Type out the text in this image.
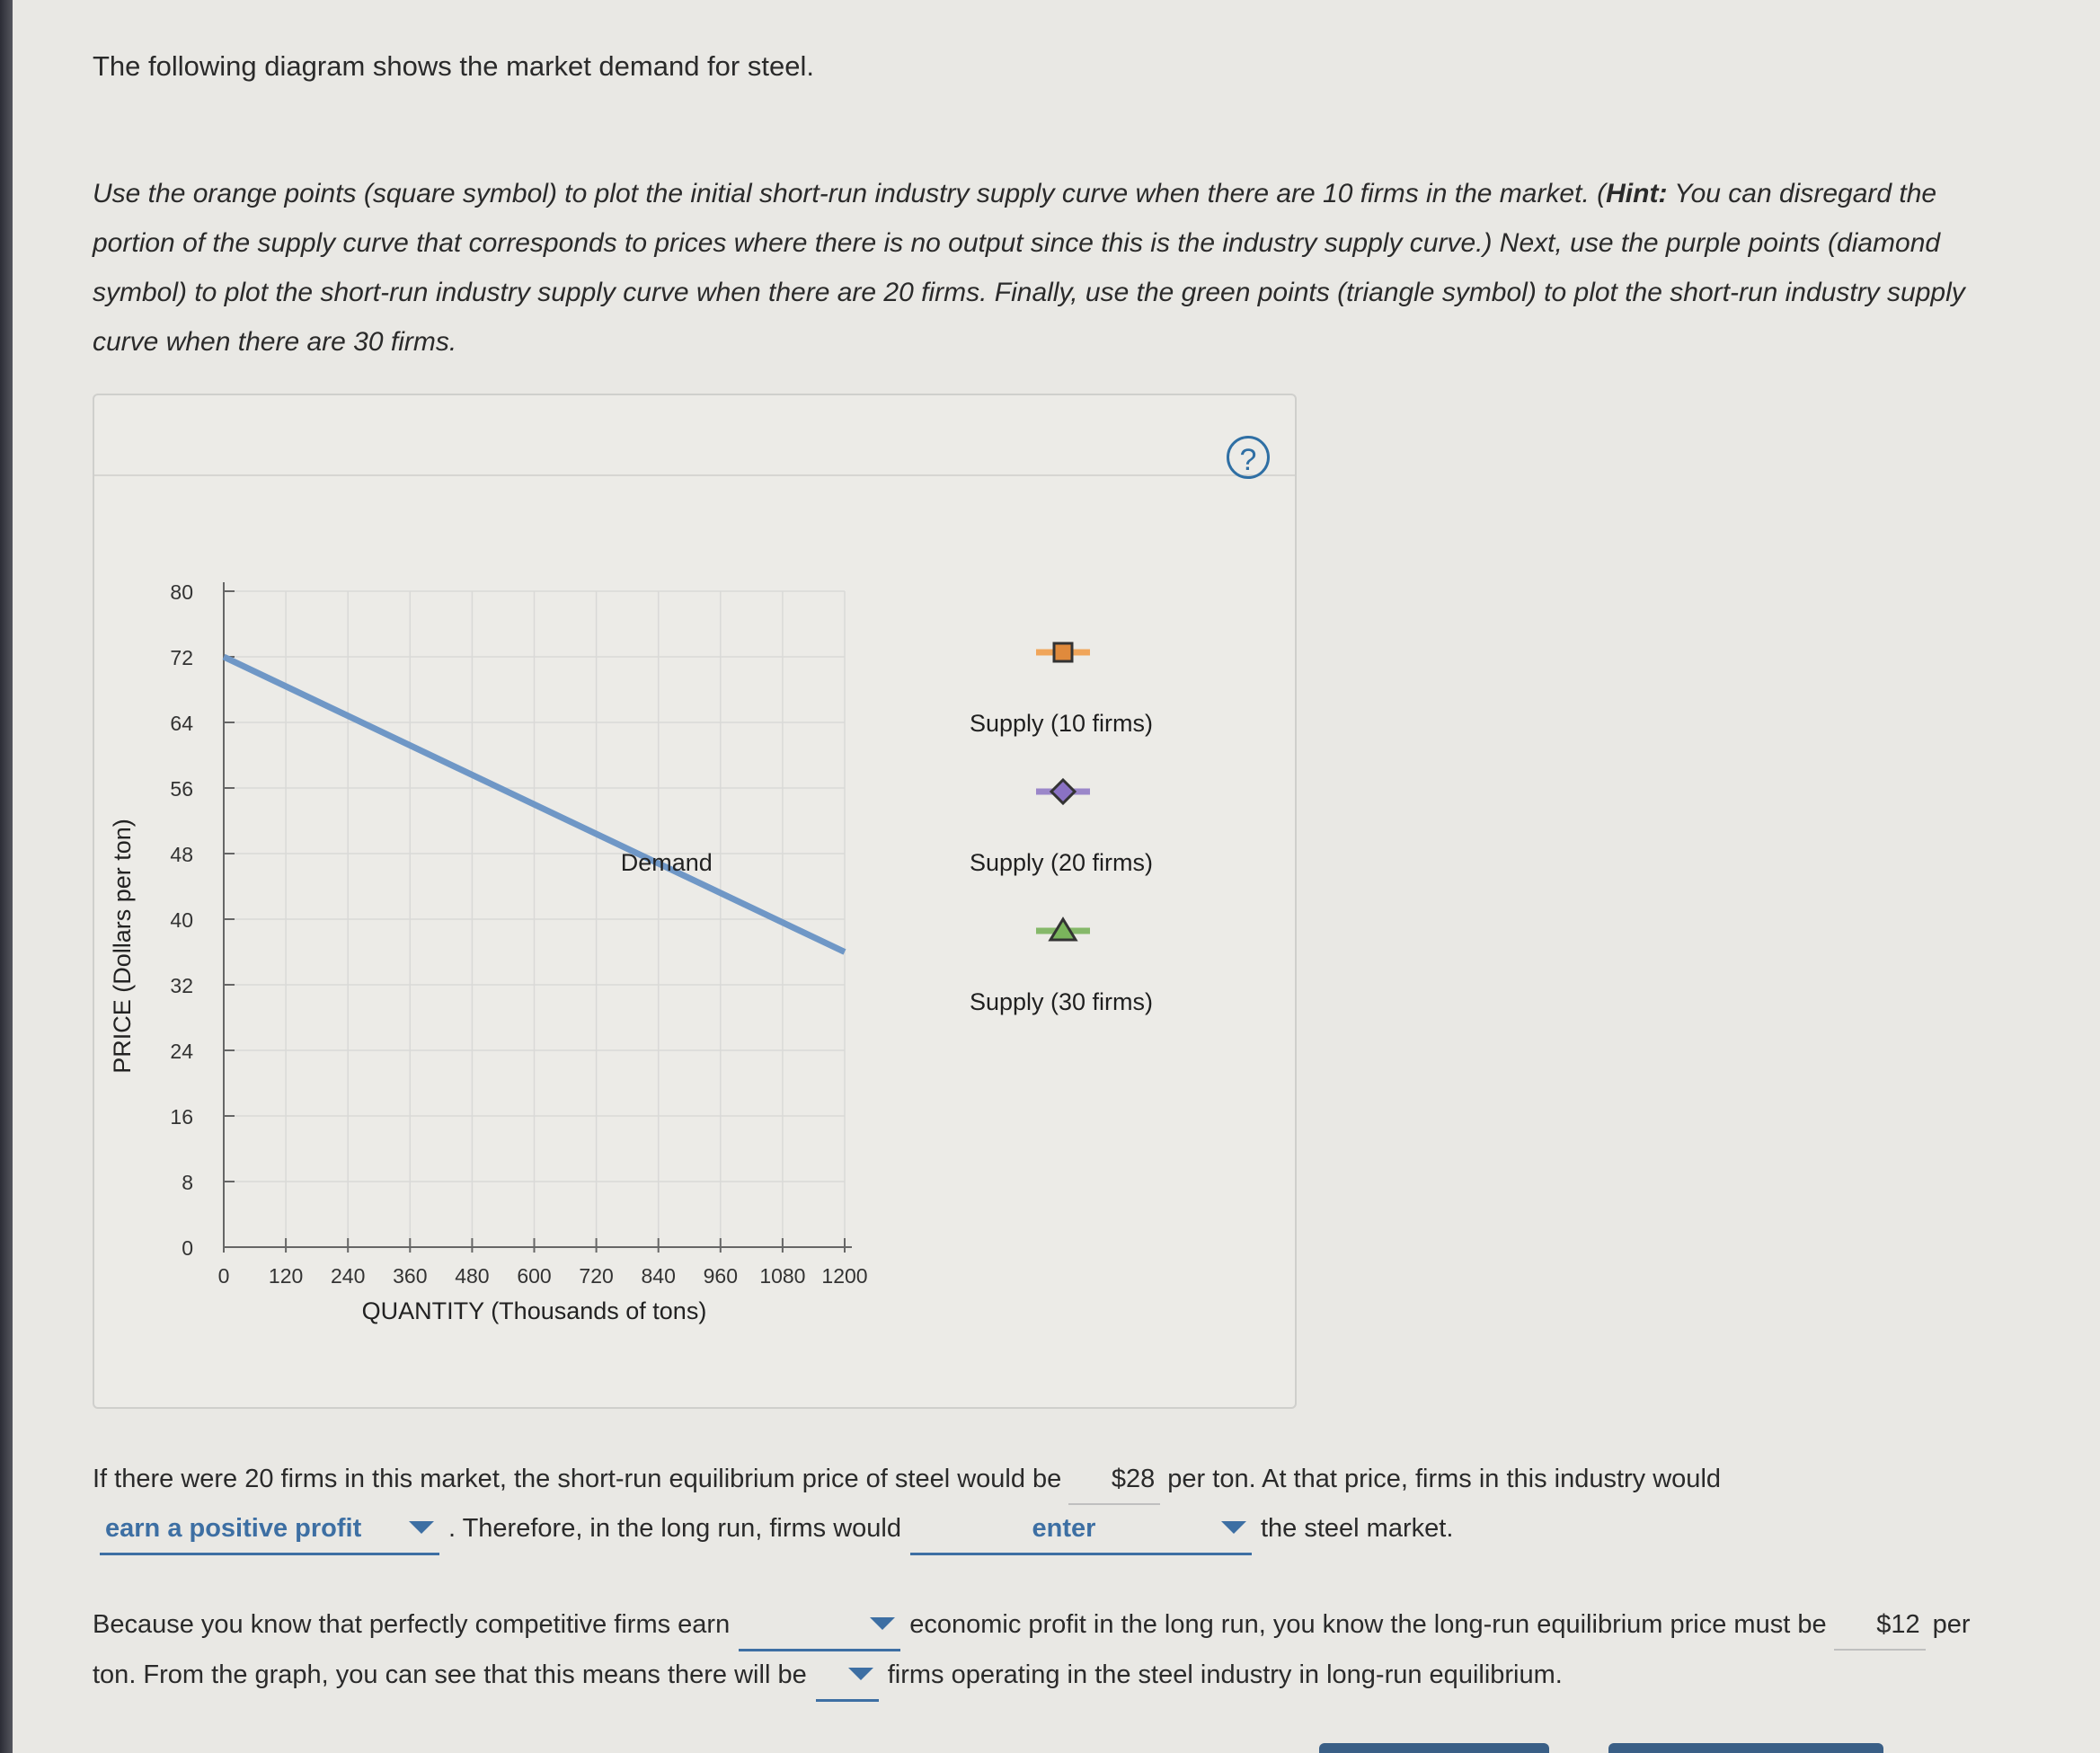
The following diagram shows the market demand for steel.

Use the orange points (square symbol) to plot the initial short-run industry supply curve when there are 10 firms in the market. (Hint: You can disregard the portion of the supply curve that corresponds to prices where there is no output since this is the industry supply curve.) Next, use the purple points (diamond symbol) to plot the short-run industry supply curve when there are 20 firms. Finally, use the green points (triangle symbol) to plot the short-run industry supply curve when there are 30 firms.

?
0
8
16
24
32
40
48
56
64
72
80
0 120 240 360 480 600 720 840 960 1080 1200
QUANTITY (Thousands of tons)
PRICE (Dollars per ton)	Demand
Supply (10 firms)
Supply (20 firms)
Supply (30 firms)

If there were 20 firms in this market, the short-run equilibrium price of steel would be $28 per ton. At that price, firms in this industry would
earn a positive profit	. Therefore, in the long run, firms would	enter	the steel market.

Because you know that perfectly competitive firms earn	economic profit in the long run, you know the long-run equilibrium price must be $12 per ton. From the graph, you can see that this means there will be	firms operating in the steel industry in long-run equilibrium.
